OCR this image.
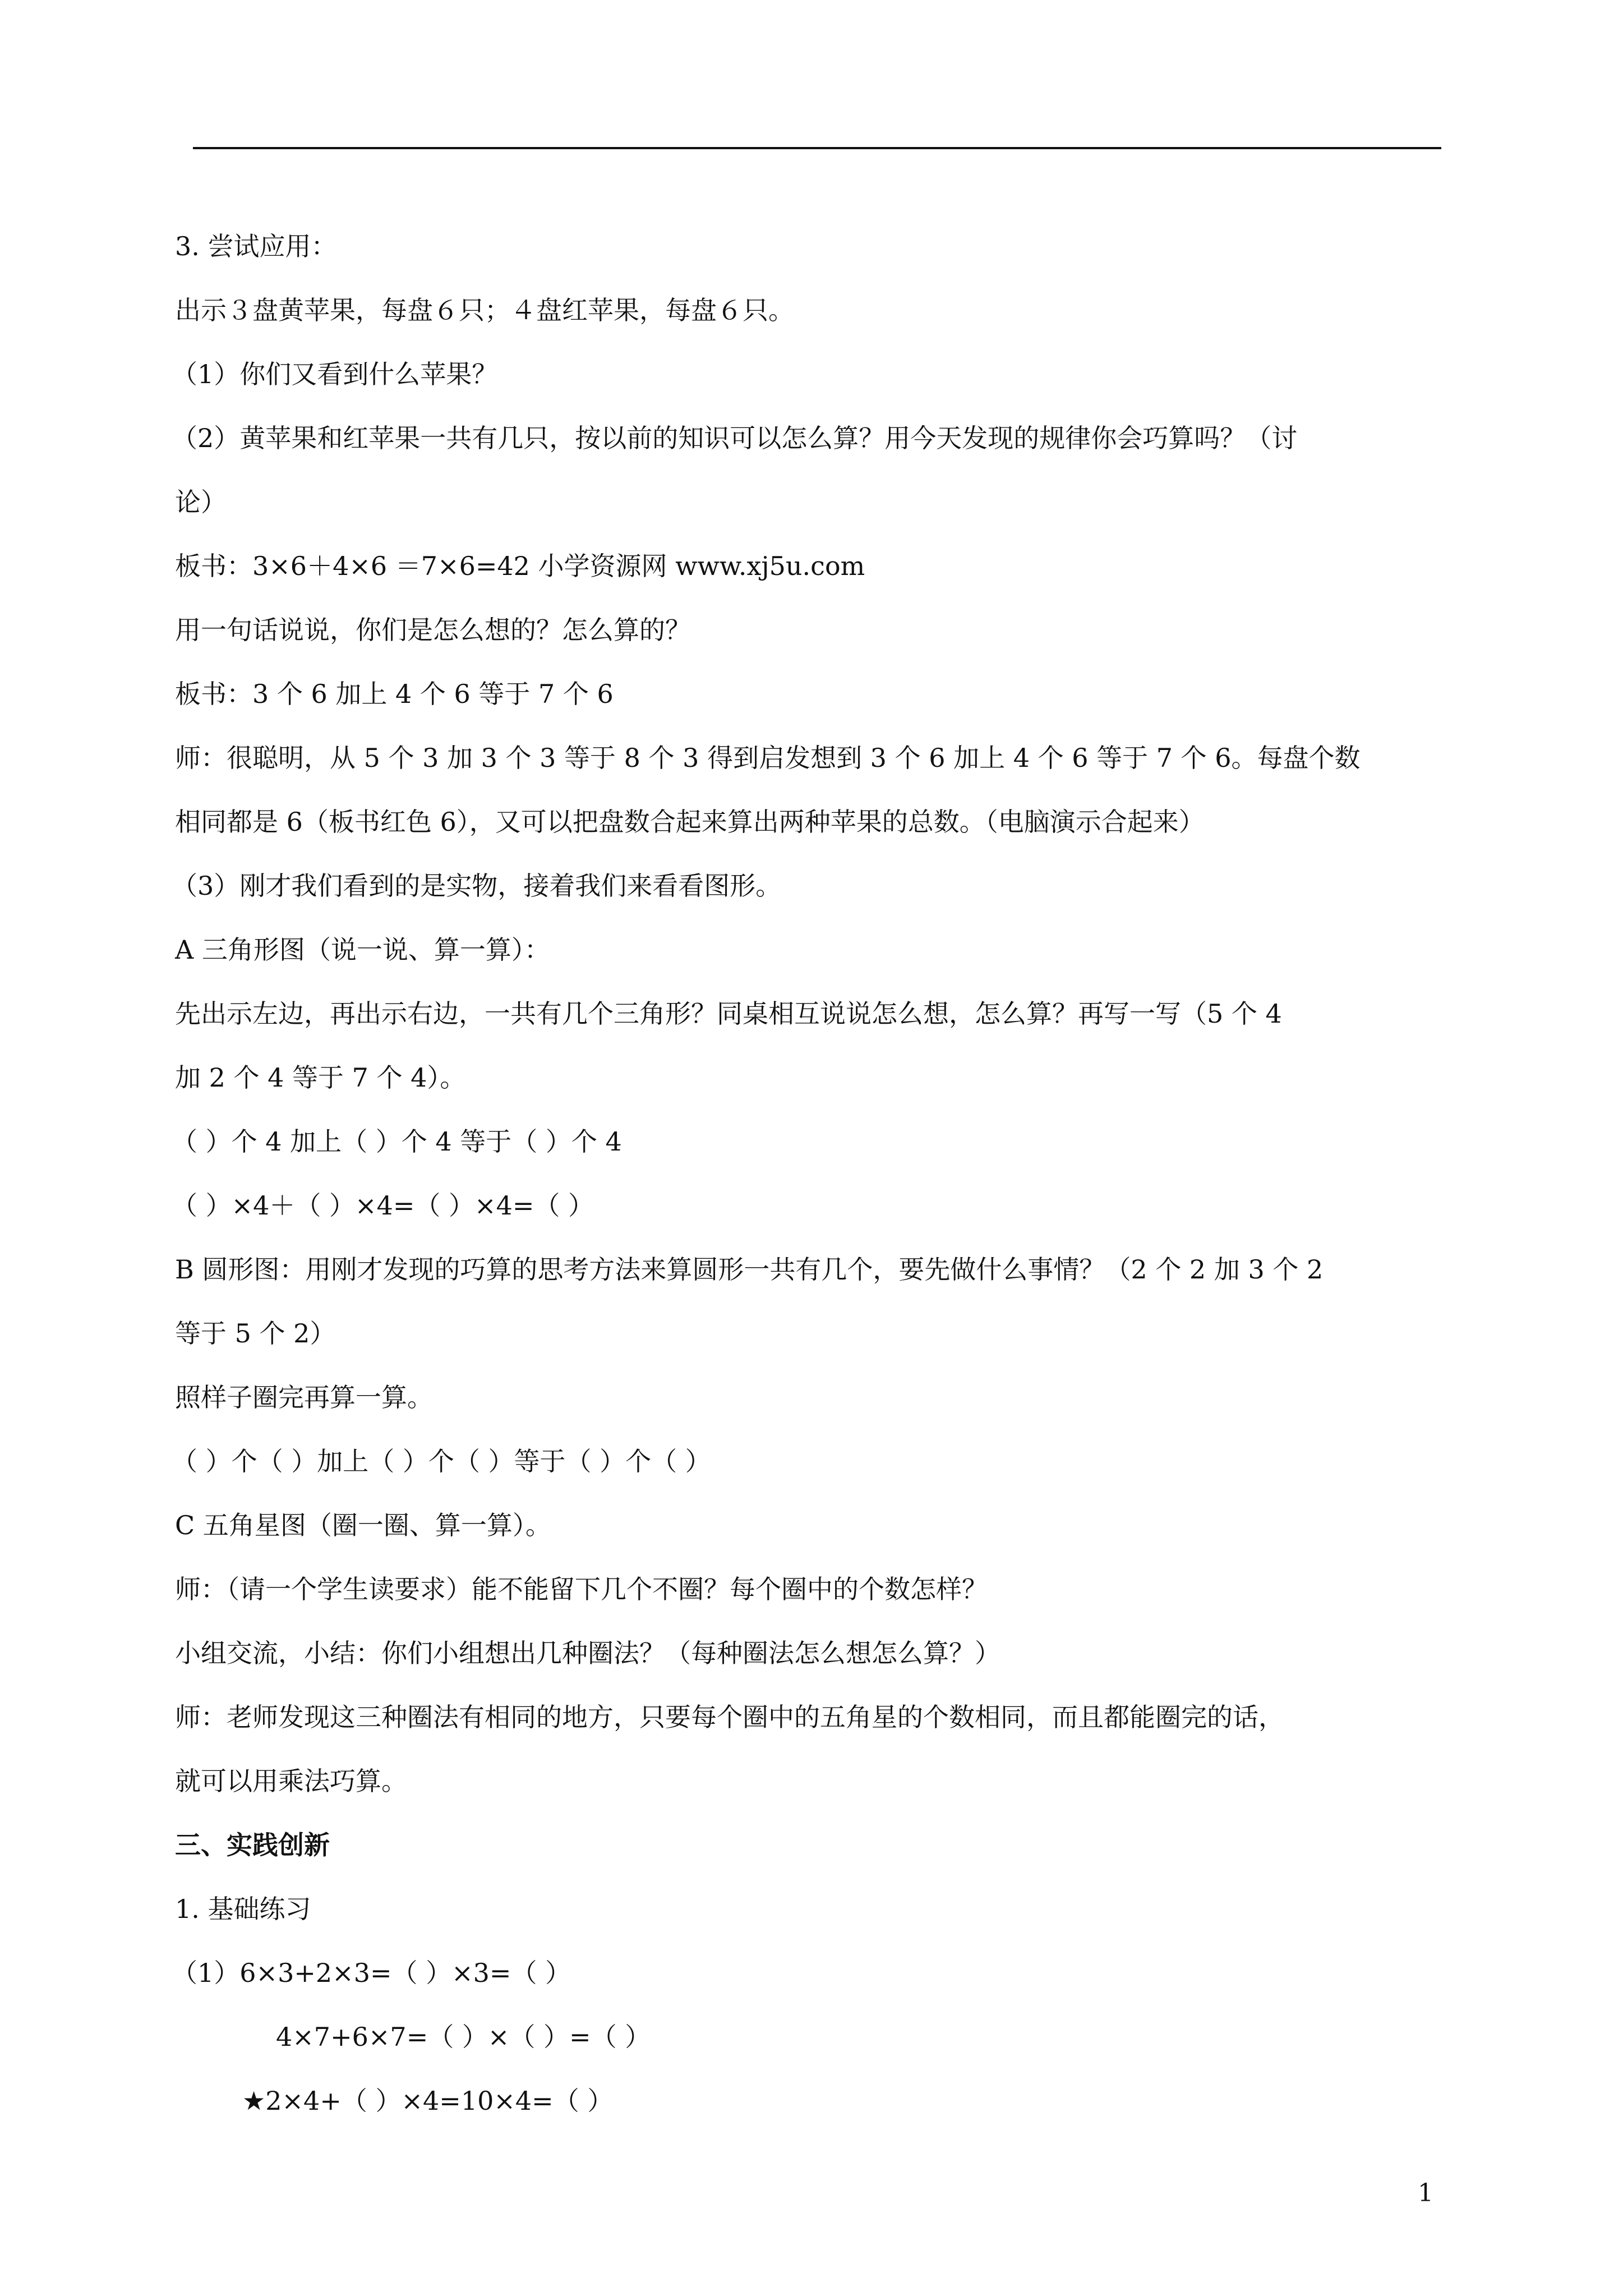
3. 尝试应用：
出示３盘黄苹果，每盘６只；４盘红苹果，每盘６只。
（1）你们又看到什么苹果？
（2）黄苹果和红苹果一共有几只，按以前的知识可以怎么算？用今天发现的规律你会巧算吗？（讨
论）
板书：3×6＋4×6 ＝7×6=42 小学资源网 www.xj5u.com
用一句话说说，你们是怎么想的？怎么算的？
板书：3 个 6 加上 4 个 6 等于 7 个 6
师：很聪明，从 5 个 3 加 3 个 3 等于 8 个 3 得到启发想到 3 个 6 加上 4 个 6 等于 7 个 6。每盘个数
相同都是 6（板书红色 6），又可以把盘数合起来算出两种苹果的总数。（电脑演示合起来）
（3）刚才我们看到的是实物，接着我们来看看图形。
A 三角形图（说一说、算一算）：
先出示左边，再出示右边，一共有几个三角形？同桌相互说说怎么想，怎么算？再写一写（5 个 4
加 2 个 4 等于 7 个 4）。
（ ）个 4 加上（ ）个 4 等于（ ）个 4
（ ）×4＋（ ）×4=（ ）×4=（ ）
B 圆形图：用刚才发现的巧算的思考方法来算圆形一共有几个，要先做什么事情？（2 个 2 加 3 个 2
等于 5 个 2）
照样子圈完再算一算。
（ ）个（ ）加上（ ）个（ ）等于（ ）个（ ）
C 五角星图（圈一圈、算一算）。
师：（请一个学生读要求）能不能留下几个不圈？每个圈中的个数怎样？
小组交流，小结：你们小组想出几种圈法？（每种圈法怎么想怎么算？）
师：老师发现这三种圈法有相同的地方，只要每个圈中的五角星的个数相同，而且都能圈完的话，
就可以用乘法巧算。
三、实践创新
1. 基础练习
（1）6×3+2×3=（ ）×3=（ ）
4×7+6×7=（ ）×（ ）=（ ）
★2×4+（ ）×4=10×4=（ ）
1
